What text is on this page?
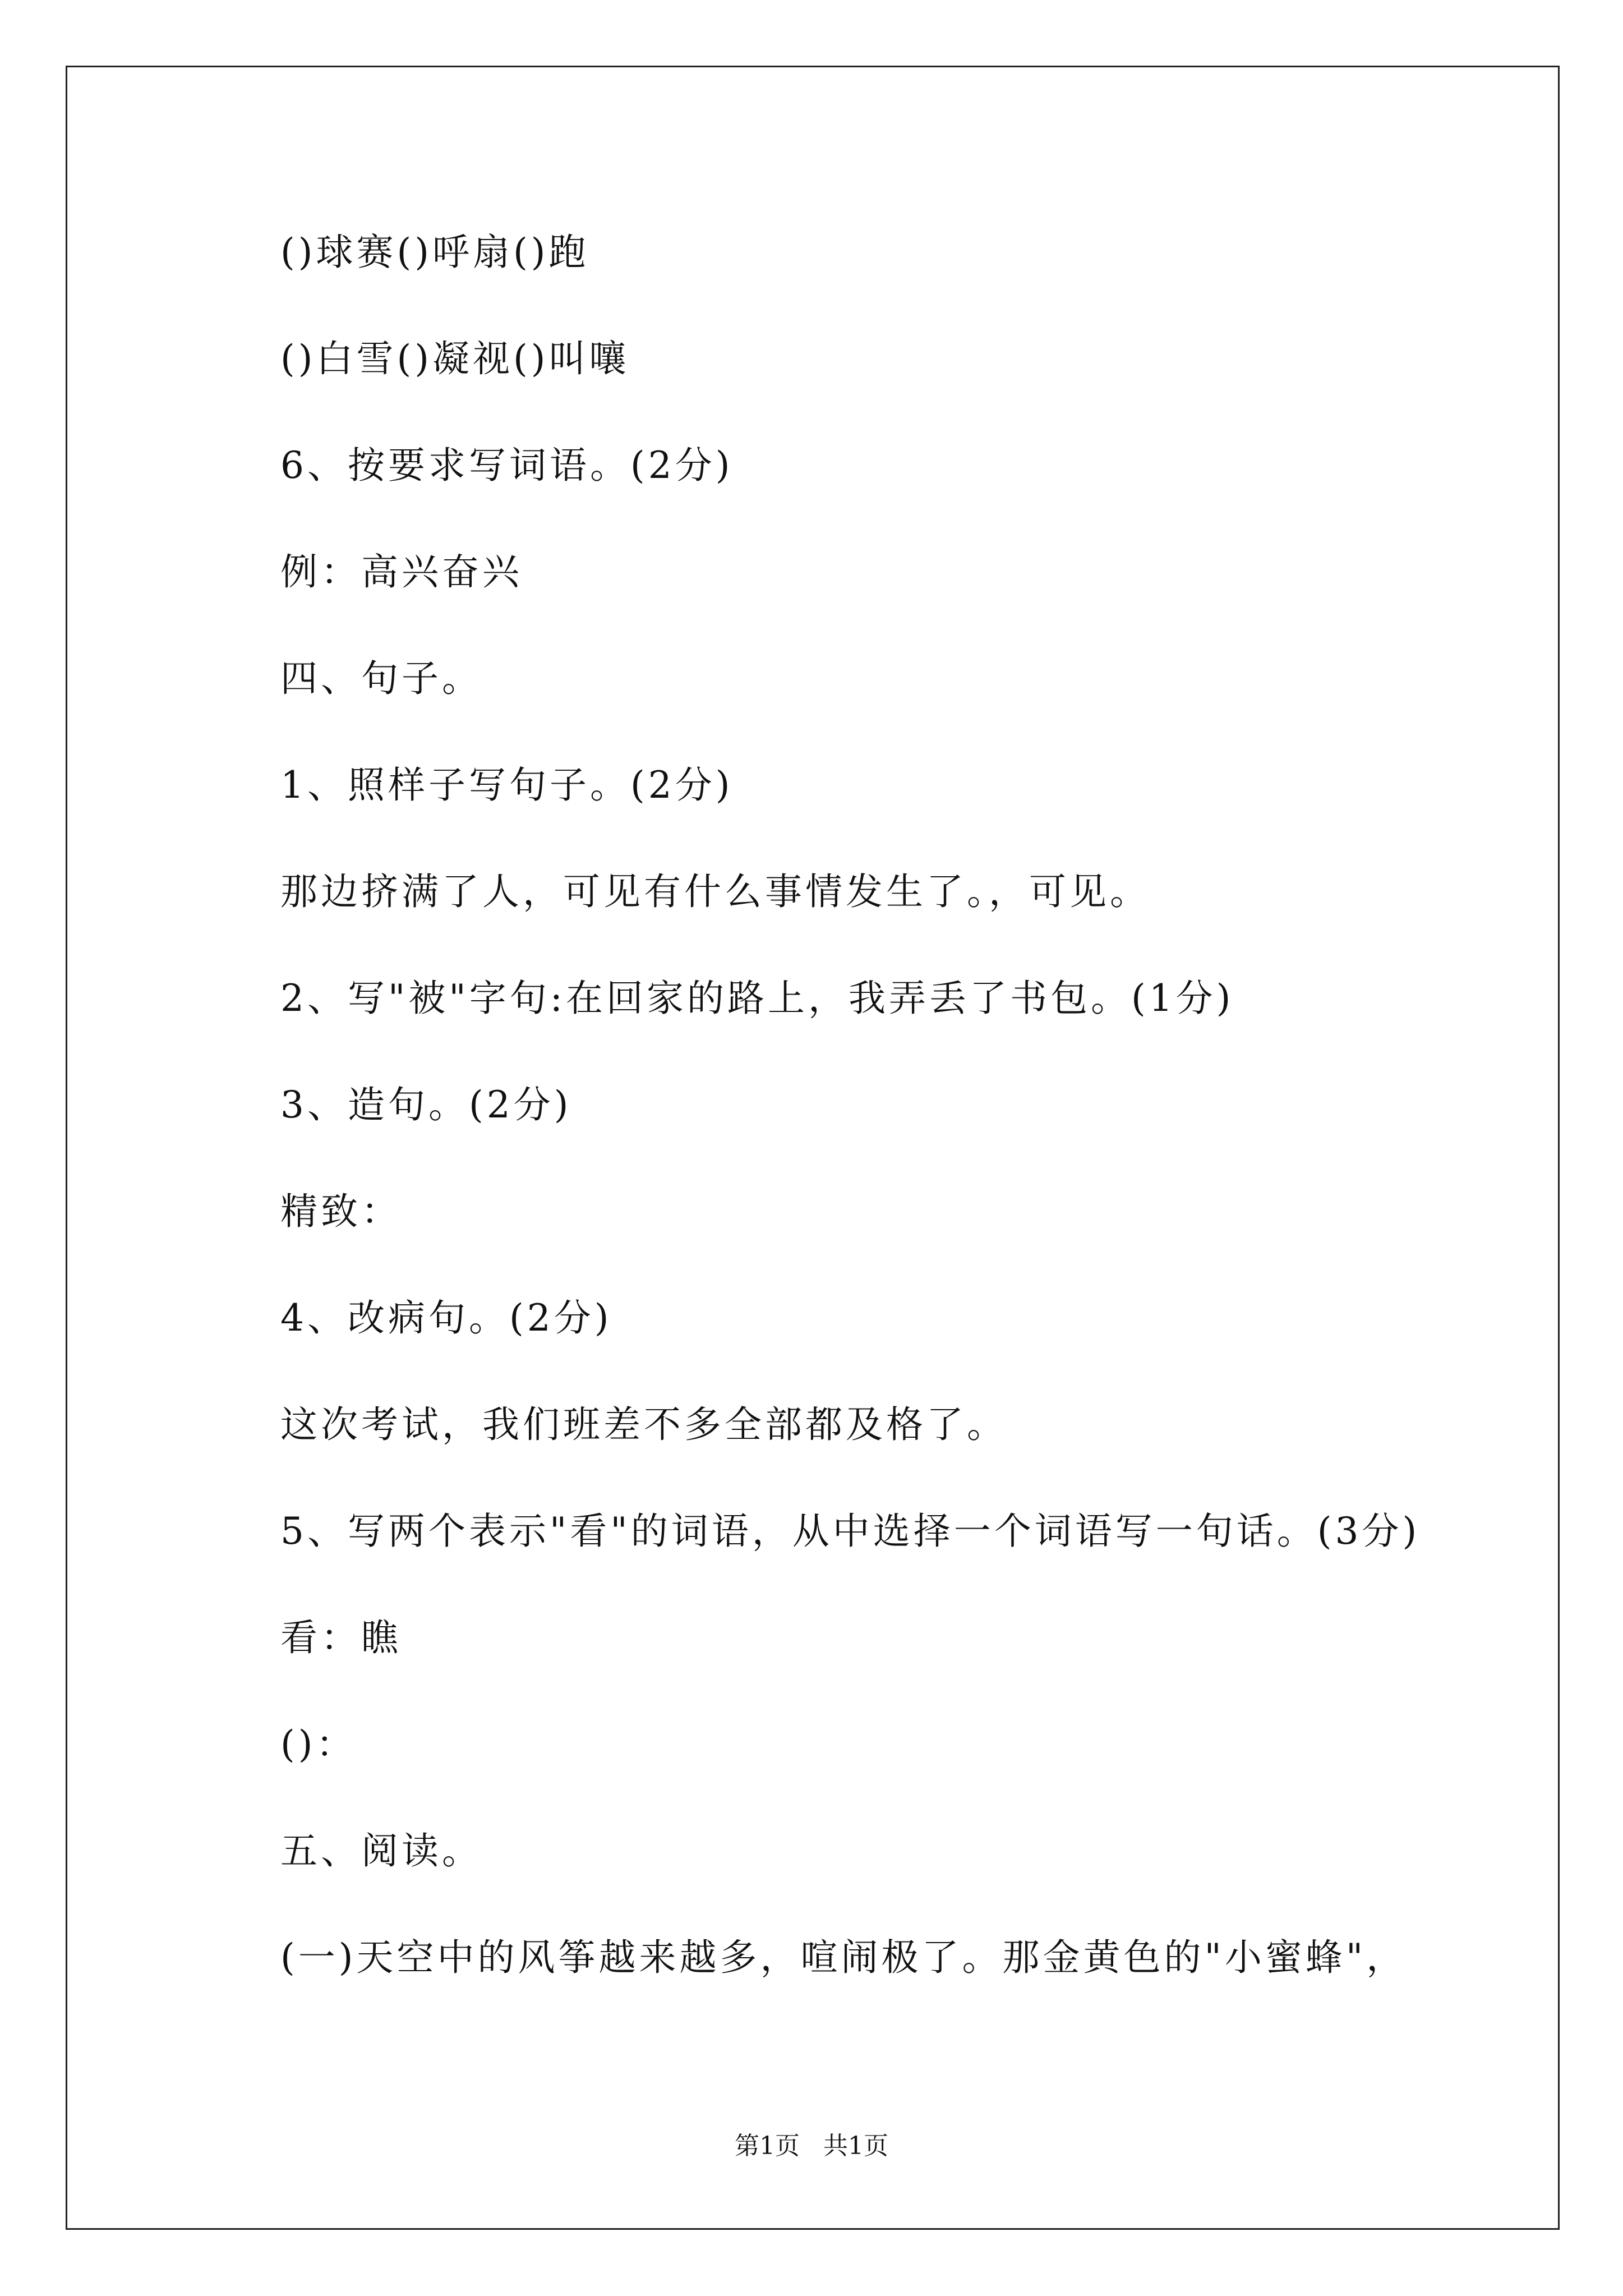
()球赛()呼扇()跑
()白雪()凝视()叫嚷
6、按要求写词语。(2分)
例：高兴奋兴
四、句子。
1、照样子写句子。(2分)
那边挤满了人，可见有什么事情发生了。，可见。
2、写"被"字句:在回家的路上，我弄丢了书包。(1分)
3、造句。(2分)
精致：
4、改病句。(2分)
这次考试，我们班差不多全部都及格了。
5、写两个表示"看"的词语，从中选择一个词语写一句话。(3分)
看：瞧
()：
五、阅读。
(一)天空中的风筝越来越多，喧闹极了。那金黄色的"小蜜蜂"，
第1页   共1页
